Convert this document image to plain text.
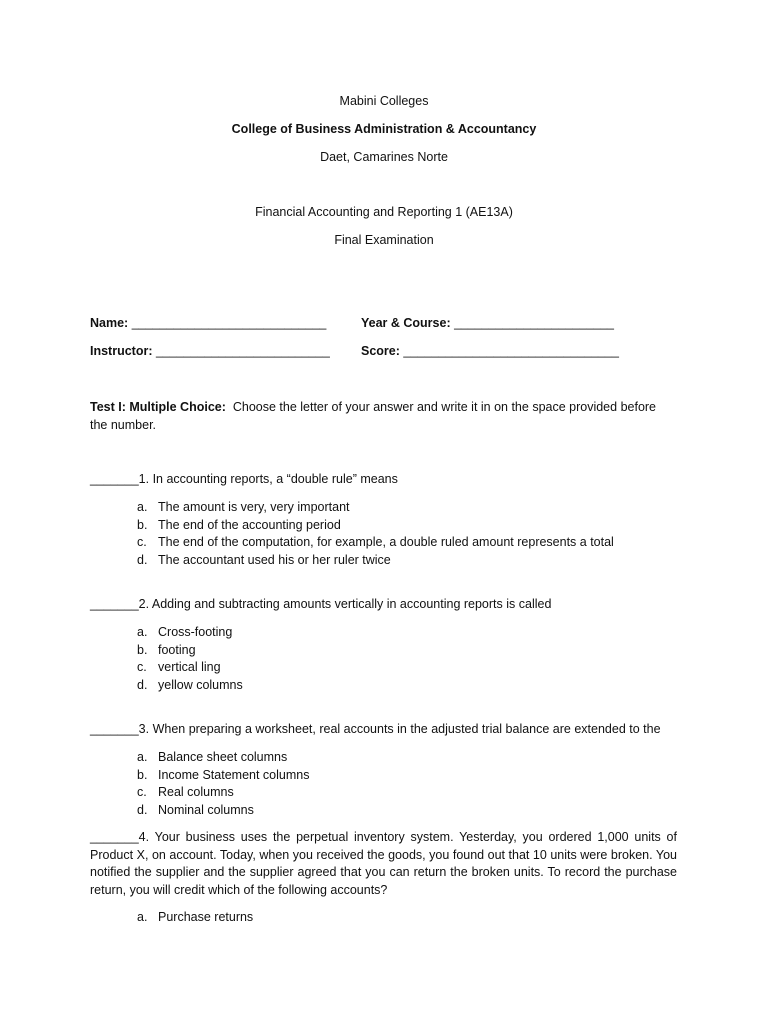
Mabini Colleges
College of Business Administration & Accountancy
Daet, Camarines Norte
Financial Accounting and Reporting 1 (AE13A)
Final Examination
Name: ____________________________	Year & Course: _______________________
Instructor: _________________________ Score: _______________________________
Test I: Multiple Choice: Choose the letter of your answer and write it in on the space provided before
the number.
_______1. In accounting reports, a “double rule” means
a. The amount is very, very important
b. The end of the accounting period
c. The end of the computation, for example, a double ruled amount represents a total
d. The accountant used his or her ruler twice
_______2. Adding and subtracting amounts vertically in accounting reports is called
a. Cross-footing
b. footing
c. vertical ling
d. yellow columns
_______3. When preparing a worksheet, real accounts in the adjusted trial balance are extended to the
a. Balance sheet columns
b. Income Statement columns
c. Real columns
d. Nominal columns
_______4. Your business uses the perpetual inventory system. Yesterday, you ordered 1,000 units of Product X, on account. Today, when you received the goods, you found out that 10 units were broken. You notified the supplier and the supplier agreed that you can return the broken units. To record the purchase return, you will credit which of the following accounts?
a. Purchase returns
